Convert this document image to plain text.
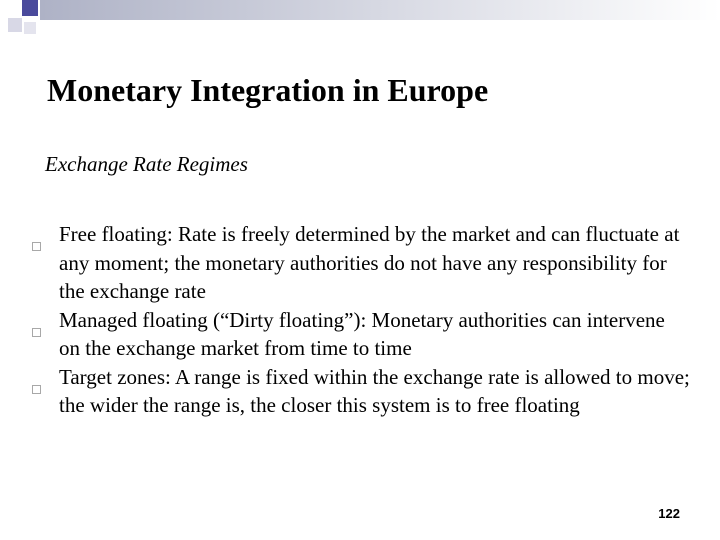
Monetary Integration in Europe
Exchange Rate Regimes
Free floating: Rate is freely determined by the market and can fluctuate at any moment; the monetary authorities do not have any responsibility for the exchange rate
Managed floating (“Dirty floating”): Monetary authorities can intervene on the exchange market from time to time
Target zones: A range is fixed within the exchange rate is allowed to move; the wider the range is, the closer this system is to free floating
122
